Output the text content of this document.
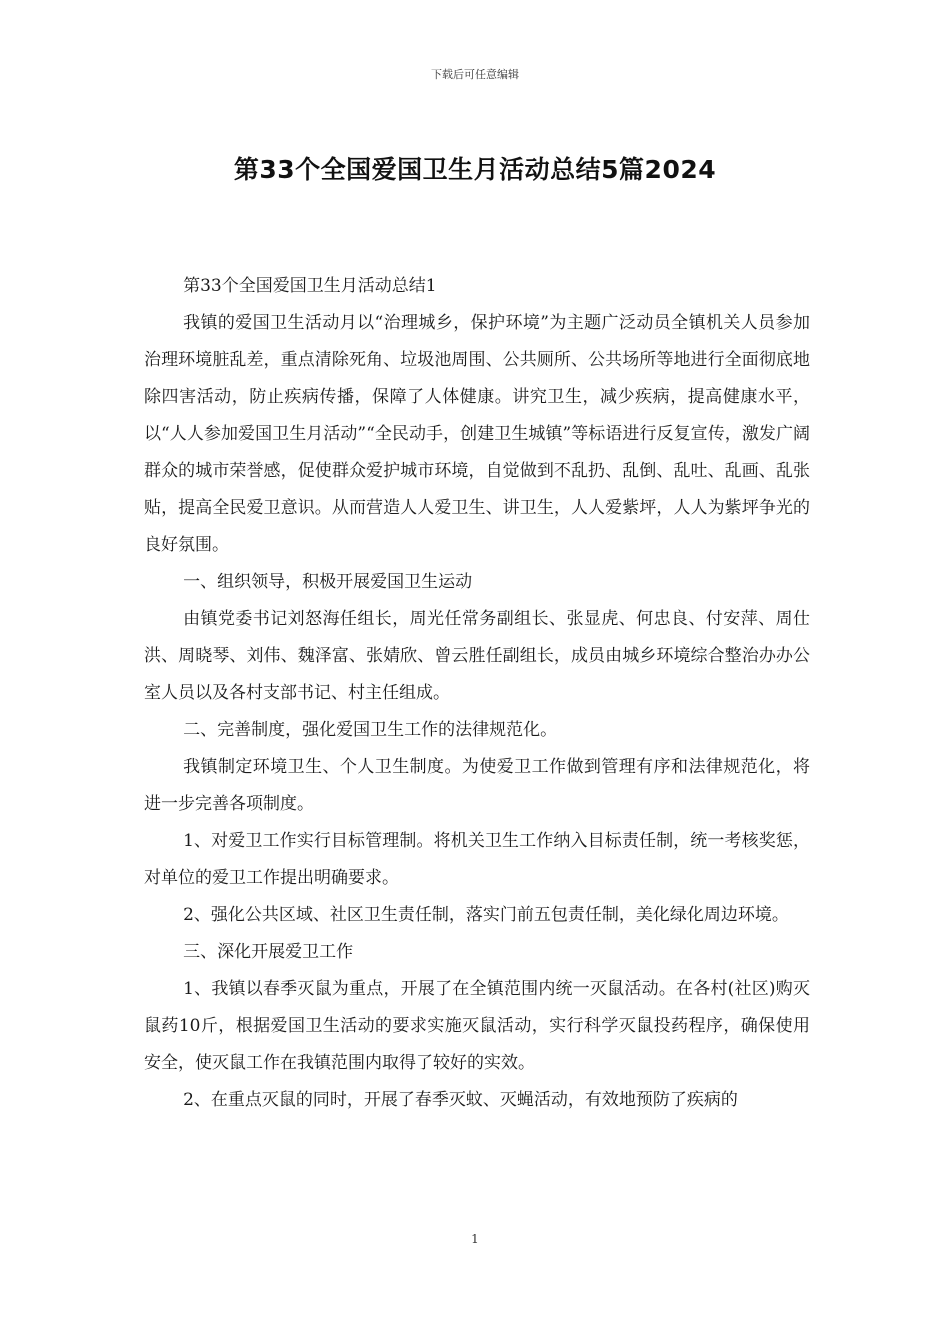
下载后可任意编辑
第33个全国爱国卫生月活动总结5篇2024

第33个全国爱国卫生月活动总结1

我镇的爱国卫生活动月以“治理城乡，保护环境”为主题广泛动员全镇机关人员参加治理环境脏乱差，重点清除死角、垃圾池周围、公共厕所、公共场所等地进行全面彻底地除四害活动，防止疾病传播，保障了人体健康。讲究卫生，减少疾病，提高健康水平，以“人人参加爱国卫生月活动”“全民动手，创建卫生城镇”等标语进行反复宣传，激发广阔群众的城市荣誉感，促使群众爱护城市环境，自觉做到不乱扔、乱倒、乱吐、乱画、乱张贴，提高全民爱卫意识。从而营造人人爱卫生、讲卫生，人人爱紫坪，人人为紫坪争光的良好氛围。

一、组织领导，积极开展爱国卫生运动

由镇党委书记刘怒海任组长，周光任常务副组长、张显虎、何忠良、付安萍、周仕洪、周晓琴、刘伟、魏泽富、张婧欣、曾云胜任副组长，成员由城乡环境综合整治办办公室人员以及各村支部书记、村主任组成。

二、完善制度，强化爱国卫生工作的法律规范化。

我镇制定环境卫生、个人卫生制度。为使爱卫工作做到管理有序和法律规范化，将进一步完善各项制度。

1、对爱卫工作实行目标管理制。将机关卫生工作纳入目标责任制，统一考核奖惩，对单位的爱卫工作提出明确要求。

2、强化公共区域、社区卫生责任制，落实门前五包责任制，美化绿化周边环境。

三、深化开展爱卫工作

1、我镇以春季灭鼠为重点，开展了在全镇范围内统一灭鼠活动。在各村(社区)购灭鼠药10斤，根据爱国卫生活动的要求实施灭鼠活动，实行科学灭鼠投药程序，确保使用安全，使灭鼠工作在我镇范围内取得了较好的实效。

2、在重点灭鼠的同时，开展了春季灭蚊、灭蝇活动，有效地预防了疾病的

1
